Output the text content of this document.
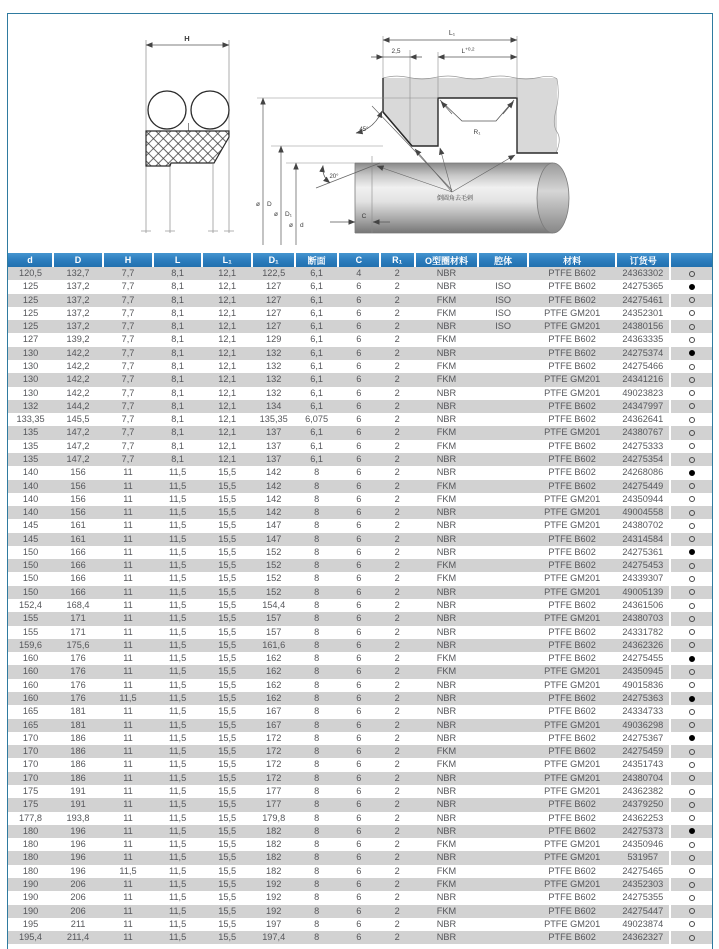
H
R₁
L₁
2,5	$L^{+0,2}$
ø D
ø D₁
ø d
45°
20°
C
倒圆角去毛刺
d	D	H	L	L₁	D₁	断面	C	R₁	O型圈材料	腔体	材料	订货号	
120,5	132,7	7,7	8,1	12,1	122,5	6,1	4	2	NBR		PTFE B602	24363302	
125	137,2	7,7	8,1	12,1	127	6,1	6	2	NBR	ISO	PTFE B602	24275365	
125	137,2	7,7	8,1	12,1	127	6,1	6	2	FKM	ISO	PTFE B602	24275461	
125	137,2	7,7	8,1	12,1	127	6,1	6	2	FKM	ISO	PTFE GM201	24352301	
125	137,2	7,7	8,1	12,1	127	6,1	6	2	NBR	ISO	PTFE GM201	24380156	
127	139,2	7,7	8,1	12,1	129	6,1	6	2	FKM		PTFE B602	24363335	
130	142,2	7,7	8,1	12,1	132	6,1	6	2	NBR		PTFE B602	24275374	
130	142,2	7,7	8,1	12,1	132	6,1	6	2	FKM		PTFE B602	24275466	
130	142,2	7,7	8,1	12,1	132	6,1	6	2	FKM		PTFE GM201	24341216	
130	142,2	7,7	8,1	12,1	132	6,1	6	2	NBR		PTFE GM201	49023823	
132	144,2	7,7	8,1	12,1	134	6,1	6	2	NBR		PTFE B602	24347997	
133,35	145,5	7,7	8,1	12,1	135,35	6,075	6	2	NBR		PTFE B602	24362641	
135	147,2	7,7	8,1	12,1	137	6,1	6	2	FKM		PTFE GM201	24380767	
135	147,2	7,7	8,1	12,1	137	6,1	6	2	FKM		PTFE B602	24275333	
135	147,2	7,7	8,1	12,1	137	6,1	6	2	NBR		PTFE B602	24275354	
140	156	11	11,5	15,5	142	8	6	2	NBR		PTFE B602	24268086	
140	156	11	11,5	15,5	142	8	6	2	FKM		PTFE B602	24275449	
140	156	11	11,5	15,5	142	8	6	2	FKM		PTFE GM201	24350944	
140	156	11	11,5	15,5	142	8	6	2	NBR		PTFE GM201	49004558	
145	161	11	11,5	15,5	147	8	6	2	NBR		PTFE GM201	24380702	
145	161	11	11,5	15,5	147	8	6	2	NBR		PTFE B602	24314584	
150	166	11	11,5	15,5	152	8	6	2	NBR		PTFE B602	24275361	
150	166	11	11,5	15,5	152	8	6	2	FKM		PTFE B602	24275453	
150	166	11	11,5	15,5	152	8	6	2	FKM		PTFE GM201	24339307	
150	166	11	11,5	15,5	152	8	6	2	NBR		PTFE GM201	49005139	
152,4	168,4	11	11,5	15,5	154,4	8	6	2	NBR		PTFE B602	24361506	
155	171	11	11,5	15,5	157	8	6	2	NBR		PTFE GM201	24380703	
155	171	11	11,5	15,5	157	8	6	2	NBR		PTFE B602	24331782	
159,6	175,6	11	11,5	15,5	161,6	8	6	2	NBR		PTFE B602	24362326	
160	176	11	11,5	15,5	162	8	6	2	FKM		PTFE B602	24275455	
160	176	11	11,5	15,5	162	8	6	2	FKM		PTFE GM201	24350945	
160	176	11	11,5	15,5	162	8	6	2	NBR		PTFE GM201	49015836	
160	176	11,5	11,5	15,5	162	8	6	2	NBR		PTFE B602	24275363	
165	181	11	11,5	15,5	167	8	6	2	NBR		PTFE B602	24334733	
165	181	11	11,5	15,5	167	8	6	2	NBR		PTFE GM201	49036298	
170	186	11	11,5	15,5	172	8	6	2	NBR		PTFE B602	24275367	
170	186	11	11,5	15,5	172	8	6	2	FKM		PTFE B602	24275459	
170	186	11	11,5	15,5	172	8	6	2	FKM		PTFE GM201	24351743	
170	186	11	11,5	15,5	172	8	6	2	NBR		PTFE GM201	24380704	
175	191	11	11,5	15,5	177	8	6	2	NBR		PTFE GM201	24362382	
175	191	11	11,5	15,5	177	8	6	2	NBR		PTFE B602	24379250	
177,8	193,8	11	11,5	15,5	179,8	8	6	2	NBR		PTFE B602	24362253	
180	196	11	11,5	15,5	182	8	6	2	NBR		PTFE B602	24275373	
180	196	11	11,5	15,5	182	8	6	2	FKM		PTFE GM201	24350946	
180	196	11	11,5	15,5	182	8	6	2	NBR		PTFE GM201	531957	
180	196	11,5	11,5	15,5	182	8	6	2	FKM		PTFE B602	24275465	
190	206	11	11,5	15,5	192	8	6	2	FKM		PTFE GM201	24352303	
190	206	11	11,5	15,5	192	8	6	2	NBR		PTFE B602	24275355	
190	206	11	11,5	15,5	192	8	6	2	FKM		PTFE B602	24275447	
195	211	11	11,5	15,5	197	8	6	2	NBR		PTFE GM201	49023874	
195,4	211,4	11	11,5	15,5	197,4	8	6	2	NBR		PTFE B602	24362327	
